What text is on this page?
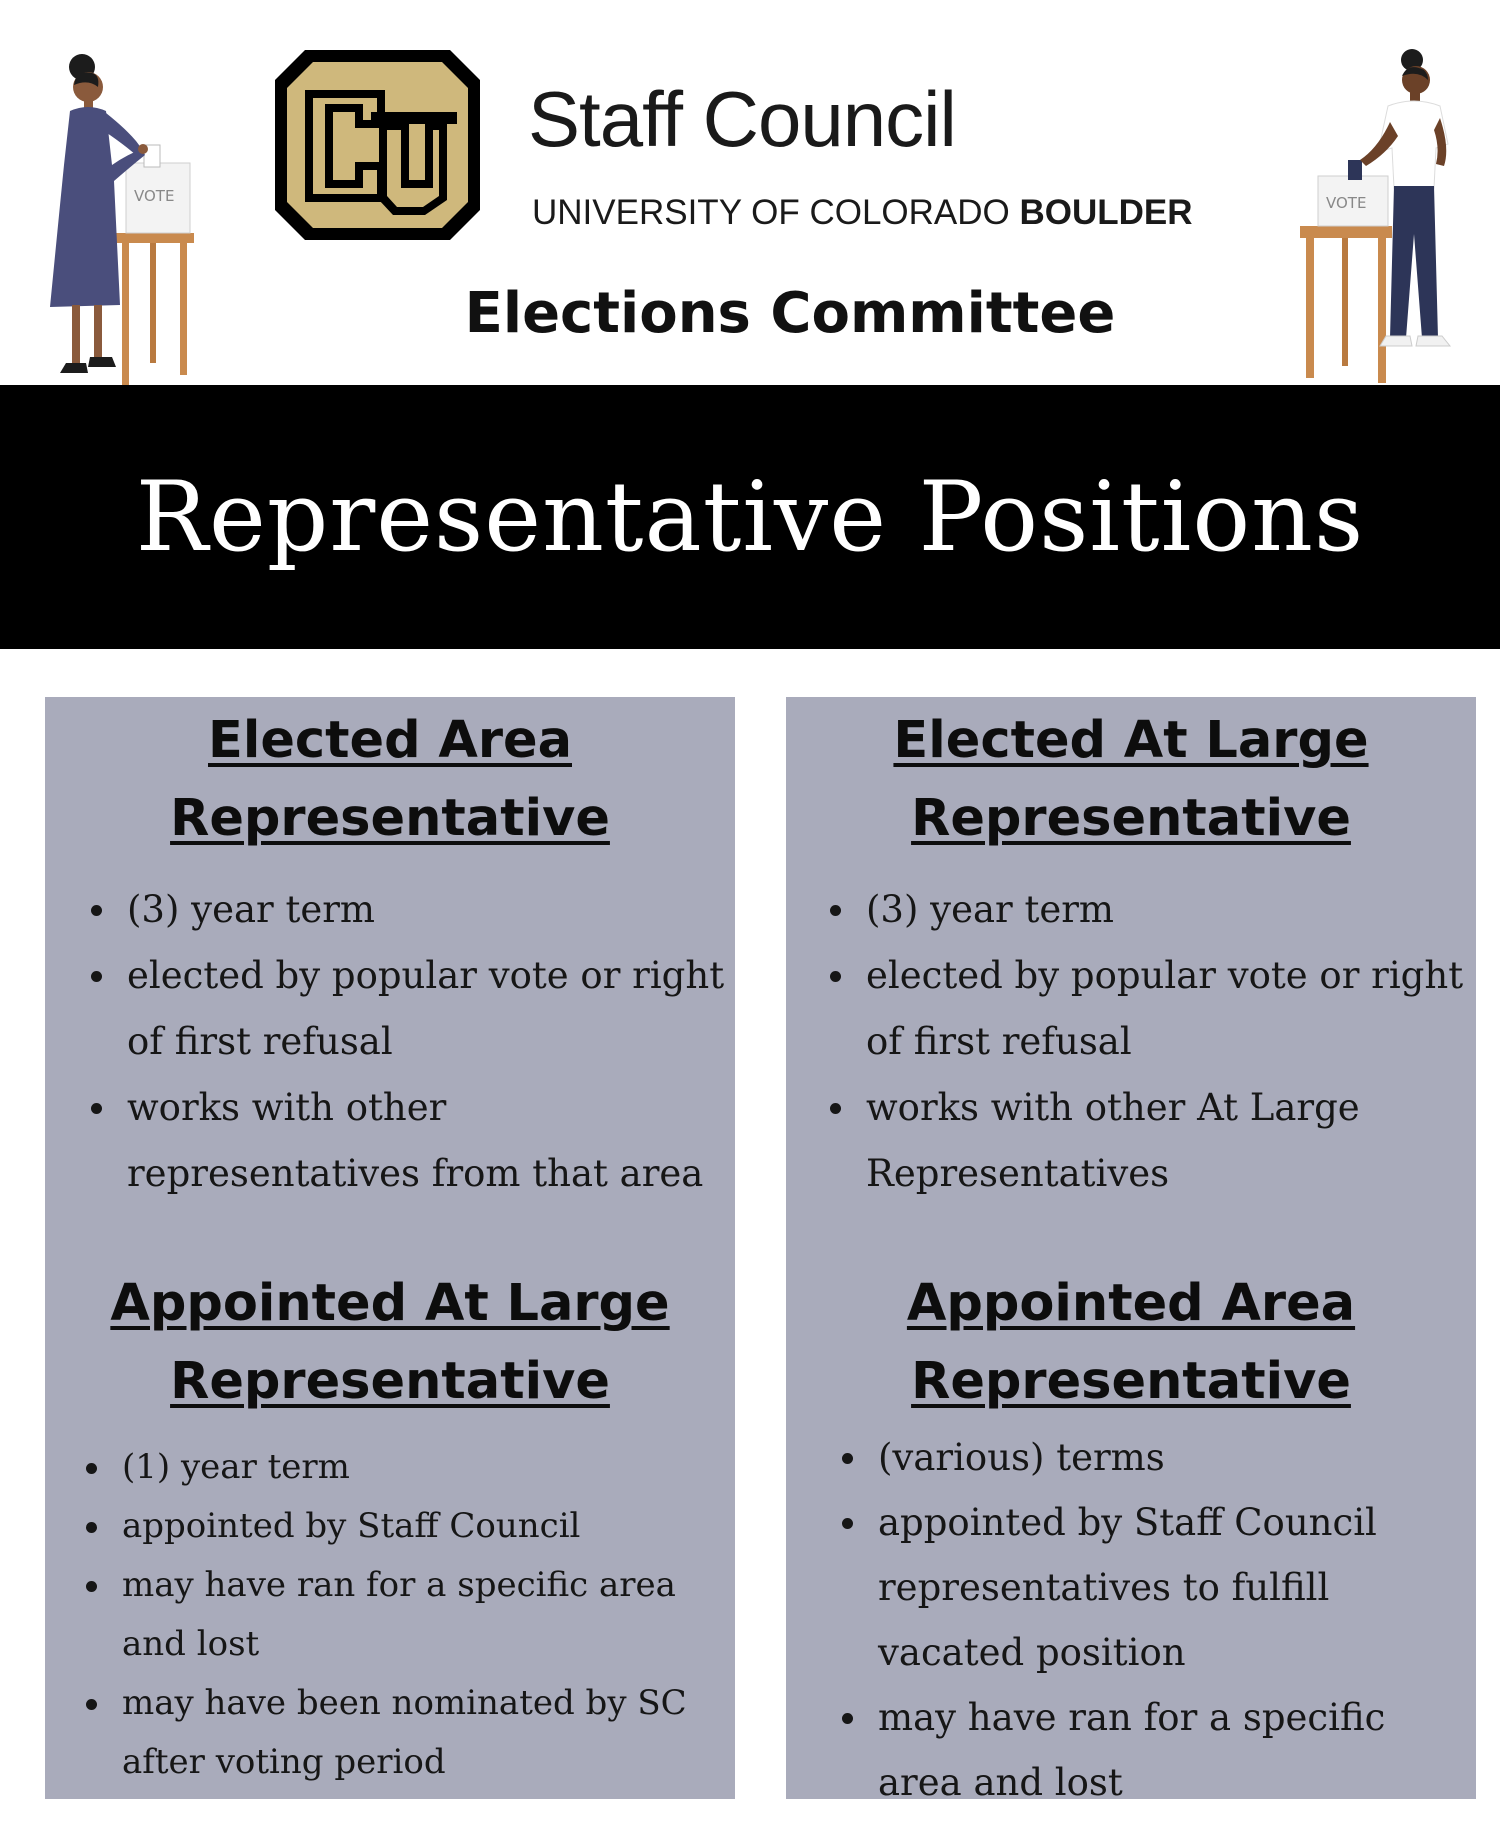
VOTE
Staff Council
UNIVERSITY OF COLORADO BOULDER
Elections Committee
VOTE
Representative Positions
Elected Area
Representative
(3) year term
elected by popular vote or right of first refusal
works with other representatives from that area
Elected At Large
Representative
(3) year term
elected by popular vote or right of first refusal
works with other At Large Representatives
Appointed At Large
Representative
(1) year term
appointed by Staff Council
may have ran for a specific area and lost
may have been nominated by SC after voting period
Appointed Area
Representative
(various) terms
appointed by Staff Council representatives to fulfill vacated position
may have ran for a specific area and lost
